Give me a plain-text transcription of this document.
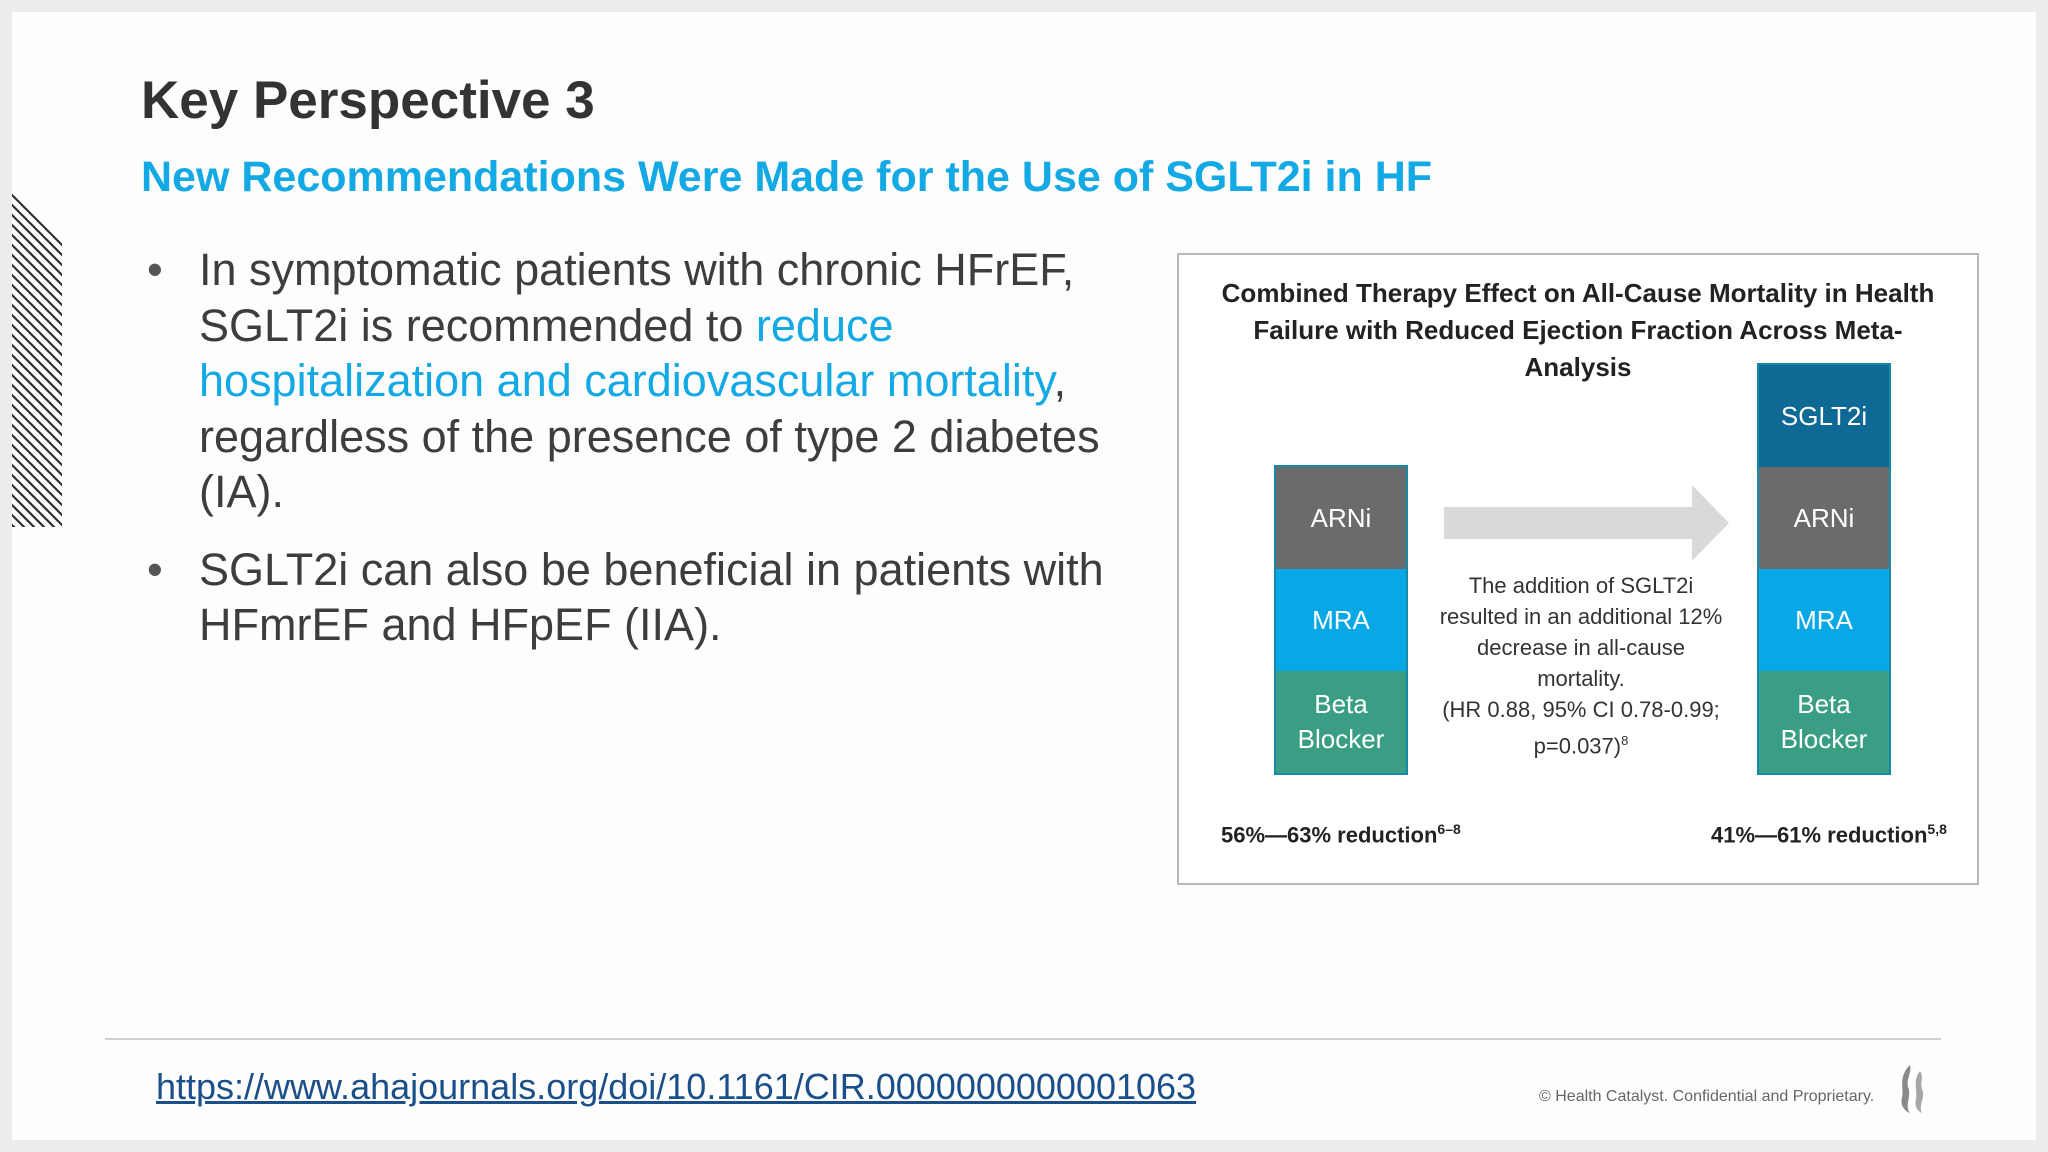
Key Perspective 3
New Recommendations Were Made for the Use of SGLT2i in HF
• In symptomatic patients with chronic HFrEF, SGLT2i is recommended to reduce hospitalization and cardiovascular mortality, regardless of the presence of type 2 diabetes (IA).
• SGLT2i can also be beneficial in patients with HFmrEF and HFpEF (IIA).
Combined Therapy Effect on All-Cause Mortality in Health Failure with Reduced Ejection Fraction Across Meta-Analysis
ARNi
MRA
Beta Blocker
The addition of SGLT2i
resulted in an additional 12%
decrease in all-cause
mortality.
(HR 0.88, 95% CI 0.78-0.99;
p=0.037)$^8$
SGLT2i
ARNi
MRA
Beta Blocker
56%—63% reduction$^{6-8}$	41%—61% reduction$^{5,8}$
https://www.ahajournals.org/doi/10.1161/CIR.0000000000001063	© Health Catalyst. Confidential and Proprietary.
